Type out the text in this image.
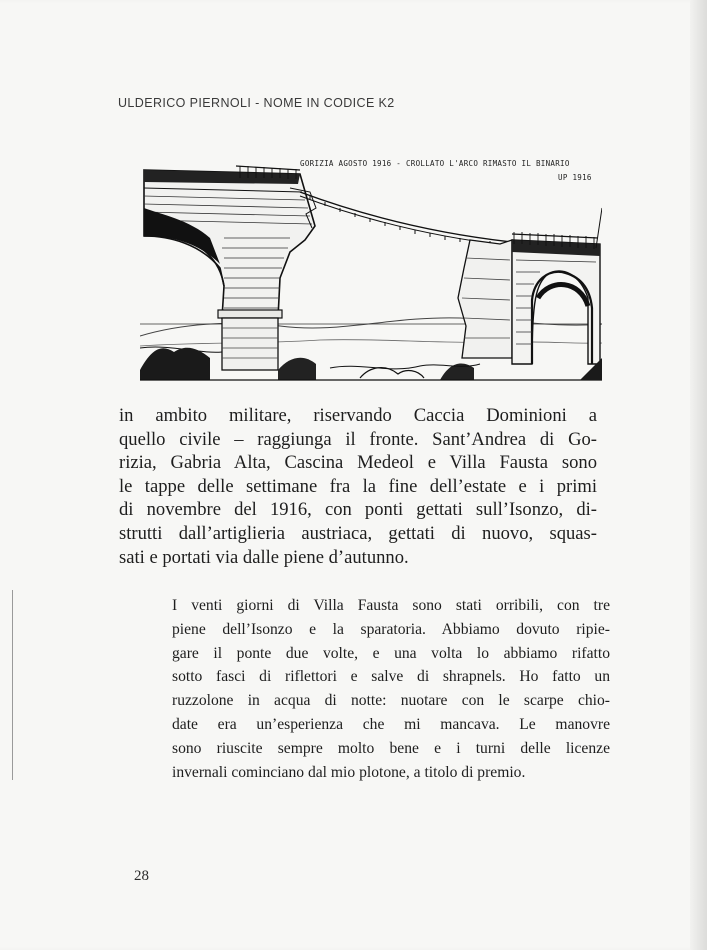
ULDERICO PIERNOLI - NOME IN CODICE K2
GORIZIA AGOSTO 1916 - CROLLATO L'ARCO RIMASTO IL BINARIO
UP 1916
in ambito militare, riservando Caccia Dominioni a
quello civile – raggiunga il fronte. Sant’Andrea di Go-
rizia, Gabria Alta, Cascina Medeol e Villa Fausta sono
le tappe delle settimane fra la fine dell’estate e i primi
di novembre del 1916, con ponti gettati sull’Isonzo, di-
strutti dall’artiglieria austriaca, gettati di nuovo, squas-
sati e portati via dalle piene d’autunno.
I venti giorni di Villa Fausta sono stati orribili, con tre
piene dell’Isonzo e la sparatoria. Abbiamo dovuto ripie-
gare il ponte due volte, e una volta lo abbiamo rifatto
sotto fasci di riflettori e salve di shrapnels. Ho fatto un
ruzzolone in acqua di notte: nuotare con le scarpe chio-
date era un’esperienza che mi mancava. Le manovre
sono riuscite sempre molto bene e i turni delle licenze
invernali cominciano dal mio plotone, a titolo di premio.
28
